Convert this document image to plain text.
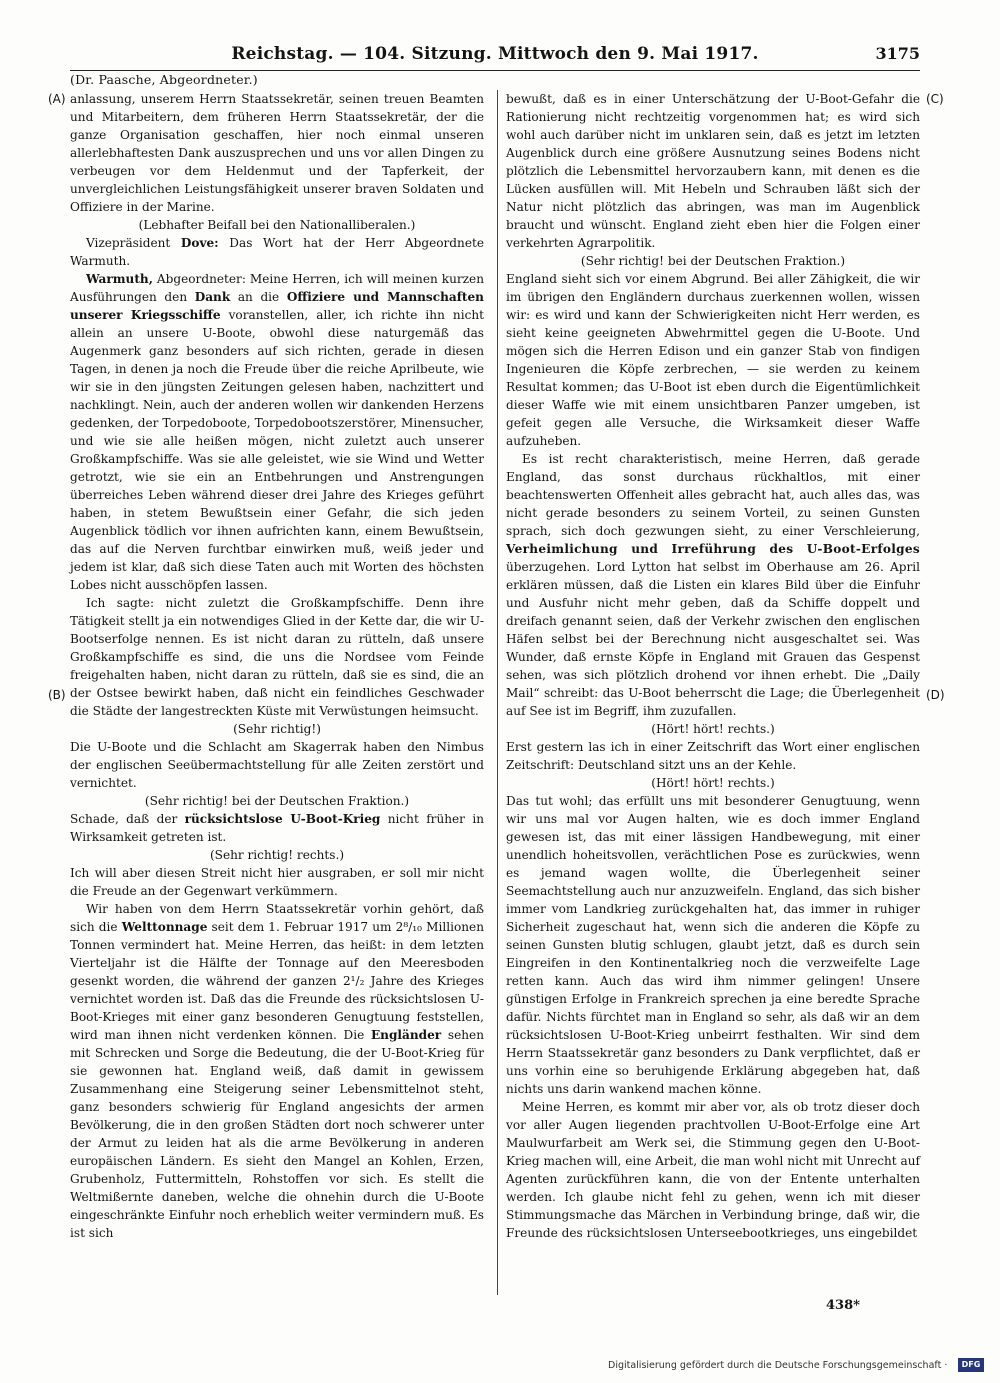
Reichstag. — 104. Sitzung. Mittwoch den 9. Mai 1917.	3175
(Dr. Paasche, Abgeordneter.)
(A)
(B)
(C)
(D)

anlassung, unserem Herrn Staatssekretär, seinen treuen Beamten und Mitarbeitern, dem früheren Herrn Staatssekretär, der die ganze Organisation geschaffen, hier noch einmal unseren allerlebhaftesten Dank auszusprechen und uns vor allen Dingen zu verbeugen vor dem Heldenmut und der Tapferkeit, der unvergleichlichen Leistungsfähigkeit unserer braven Soldaten und Offiziere in der Marine.

(Lebhafter Beifall bei den Nationalliberalen.)

Vizepräsident Dove: Das Wort hat der Herr Abgeordnete Warmuth.

Warmuth, Abgeordneter: Meine Herren, ich will meinen kurzen Ausführungen den Dank an die Offiziere und Mannschaften unserer Kriegsschiffe voranstellen, aller, ich richte ihn nicht allein an unsere U-Boote, obwohl diese naturgemäß das Augenmerk ganz besonders auf sich richten, gerade in diesen Tagen, in denen ja noch die Freude über die reiche Aprilbeute, wie wir sie in den jüngsten Zeitungen gelesen haben, nachzittert und nachklingt. Nein, auch der anderen wollen wir dankenden Herzens gedenken, der Torpedoboote, Torpedobootszerstörer, Minensucher, und wie sie alle heißen mögen, nicht zuletzt auch unserer Großkampfschiffe. Was sie alle geleistet, wie sie Wind und Wetter getrotzt, wie sie ein an Entbehrungen und Anstrengungen überreiches Leben während dieser drei Jahre des Krieges geführt haben, in stetem Bewußtsein einer Gefahr, die sich jeden Augenblick tödlich vor ihnen aufrichten kann, einem Bewußtsein, das auf die Nerven furchtbar einwirken muß, weiß jeder und jedem ist klar, daß sich diese Taten auch mit Worten des höchsten Lobes nicht ausschöpfen lassen.

Ich sagte: nicht zuletzt die Großkampfschiffe. Denn ihre Tätigkeit stellt ja ein notwendiges Glied in der Kette dar, die wir U-Bootserfolge nennen. Es ist nicht daran zu rütteln, daß unsere Großkampfschiffe es sind, die uns die Nordsee vom Feinde freigehalten haben, nicht daran zu rütteln, daß sie es sind, die an der Ostsee bewirkt haben, daß nicht ein feindliches Geschwader die Städte der langestreckten Küste mit Verwüstungen heimsucht.

(Sehr richtig!)

Die U-Boote und die Schlacht am Skagerrak haben den Nimbus der englischen Seeübermachtstellung für alle Zeiten zerstört und vernichtet.

(Sehr richtig! bei der Deutschen Fraktion.)

Schade, daß der rücksichtslose U-Boot-Krieg nicht früher in Wirksamkeit getreten ist.

(Sehr richtig! rechts.)

Ich will aber diesen Streit nicht hier ausgraben, er soll mir nicht die Freude an der Gegenwart verkümmern.

Wir haben von dem Herrn Staatssekretär vorhin gehört, daß sich die Welttonnage seit dem 1. Februar 1917 um 2⁸/₁₀ Millionen Tonnen vermindert hat. Meine Herren, das heißt: in dem letzten Vierteljahr ist die Hälfte der Tonnage auf den Meeresboden gesenkt worden, die während der ganzen 2¹/₂ Jahre des Krieges vernichtet worden ist. Daß das die Freunde des rücksichtslosen U-Boot-Krieges mit einer ganz besonderen Genugtuung feststellen, wird man ihnen nicht verdenken können. Die Engländer sehen mit Schrecken und Sorge die Bedeutung, die der U-Boot-Krieg für sie gewonnen hat. England weiß, daß damit in gewissem Zusammenhang eine Steigerung seiner Lebensmittelnot steht, ganz besonders schwierig für England angesichts der armen Bevölkerung, die in den großen Städten dort noch schwerer unter der Armut zu leiden hat als die arme Bevölkerung in anderen europäischen Ländern. Es sieht den Mangel an Kohlen, Erzen, Grubenholz, Futtermitteln, Rohstoffen vor sich. Es stellt die Weltmißernte daneben, welche die ohnehin durch die U-Boote eingeschränkte Einfuhr noch erheblich weiter vermindern muß. Es ist sich

bewußt, daß es in einer Unterschätzung der U-Boot-Gefahr die Rationierung nicht rechtzeitig vorgenommen hat; es wird sich wohl auch darüber nicht im unklaren sein, daß es jetzt im letzten Augenblick durch eine größere Ausnutzung seines Bodens nicht plötzlich die Lebensmittel hervorzaubern kann, mit denen es die Lücken ausfüllen will. Mit Hebeln und Schrauben läßt sich der Natur nicht plötzlich das abringen, was man im Augenblick braucht und wünscht. England zieht eben hier die Folgen einer verkehrten Agrarpolitik.

(Sehr richtig! bei der Deutschen Fraktion.)

England sieht sich vor einem Abgrund. Bei aller Zähigkeit, die wir im übrigen den Engländern durchaus zuerkennen wollen, wissen wir: es wird und kann der Schwierigkeiten nicht Herr werden, es sieht keine geeigneten Abwehrmittel gegen die U-Boote. Und mögen sich die Herren Edison und ein ganzer Stab von findigen Ingenieuren die Köpfe zerbrechen, — sie werden zu keinem Resultat kommen; das U-Boot ist eben durch die Eigentümlichkeit dieser Waffe wie mit einem unsichtbaren Panzer umgeben, ist gefeit gegen alle Versuche, die Wirksamkeit dieser Waffe aufzuheben.

Es ist recht charakteristisch, meine Herren, daß gerade England, das sonst durchaus rückhaltlos, mit einer beachtenswerten Offenheit alles gebracht hat, auch alles das, was nicht gerade besonders zu seinem Vorteil, zu seinen Gunsten sprach, sich doch gezwungen sieht, zu einer Verschleierung, Verheimlichung und Irreführung des U-Boot-Erfolges überzugehen. Lord Lytton hat selbst im Oberhause am 26. April erklären müssen, daß die Listen ein klares Bild über die Einfuhr und Ausfuhr nicht mehr geben, daß da Schiffe doppelt und dreifach genannt seien, daß der Verkehr zwischen den englischen Häfen selbst bei der Berechnung nicht ausgeschaltet sei. Was Wunder, daß ernste Köpfe in England mit Grauen das Gespenst sehen, was sich plötzlich drohend vor ihnen erhebt. Die „Daily Mail“ schreibt: das U-Boot beherrscht die Lage; die Überlegenheit auf See ist im Begriff, ihm zuzufallen.

(Hört! hört! rechts.)

Erst gestern las ich in einer Zeitschrift das Wort einer englischen Zeitschrift: Deutschland sitzt uns an der Kehle.

(Hört! hört! rechts.)

Das tut wohl; das erfüllt uns mit besonderer Genugtuung, wenn wir uns mal vor Augen halten, wie es doch immer England gewesen ist, das mit einer lässigen Handbewegung, mit einer unendlich hoheitsvollen, verächtlichen Pose es zurückwies, wenn es jemand wagen wollte, die Überlegenheit seiner Seemachtstellung auch nur anzuzweifeln. England, das sich bisher immer vom Landkrieg zurückgehalten hat, das immer in ruhiger Sicherheit zugeschaut hat, wenn sich die anderen die Köpfe zu seinen Gunsten blutig schlugen, glaubt jetzt, daß es durch sein Eingreifen in den Kontinentalkrieg noch die verzweifelte Lage retten kann. Auch das wird ihm nimmer gelingen! Unsere günstigen Erfolge in Frankreich sprechen ja eine beredte Sprache dafür. Nichts fürchtet man in England so sehr, als daß wir an dem rücksichtslosen U-Boot-Krieg unbeirrt festhalten. Wir sind dem Herrn Staatssekretär ganz besonders zu Dank verpflichtet, daß er uns vorhin eine so beruhigende Erklärung abgegeben hat, daß nichts uns darin wankend machen könne.

Meine Herren, es kommt mir aber vor, als ob trotz dieser doch vor aller Augen liegenden prachtvollen U-Boot-Erfolge eine Art Maulwurfarbeit am Werk sei, die Stimmung gegen den U-Boot-Krieg machen will, eine Arbeit, die man wohl nicht mit Unrecht auf Agenten zurückführen kann, die von der Entente unterhalten werden. Ich glaube nicht fehl zu gehen, wenn ich mit dieser Stimmungsmache das Märchen in Verbindung bringe, daß wir, die Freunde des rücksichtslosen Unterseebootkrieges, uns eingebildet

438*
Digitalisierung gefördert durch die Deutsche Forschungsgemeinschaft ·	DFG
